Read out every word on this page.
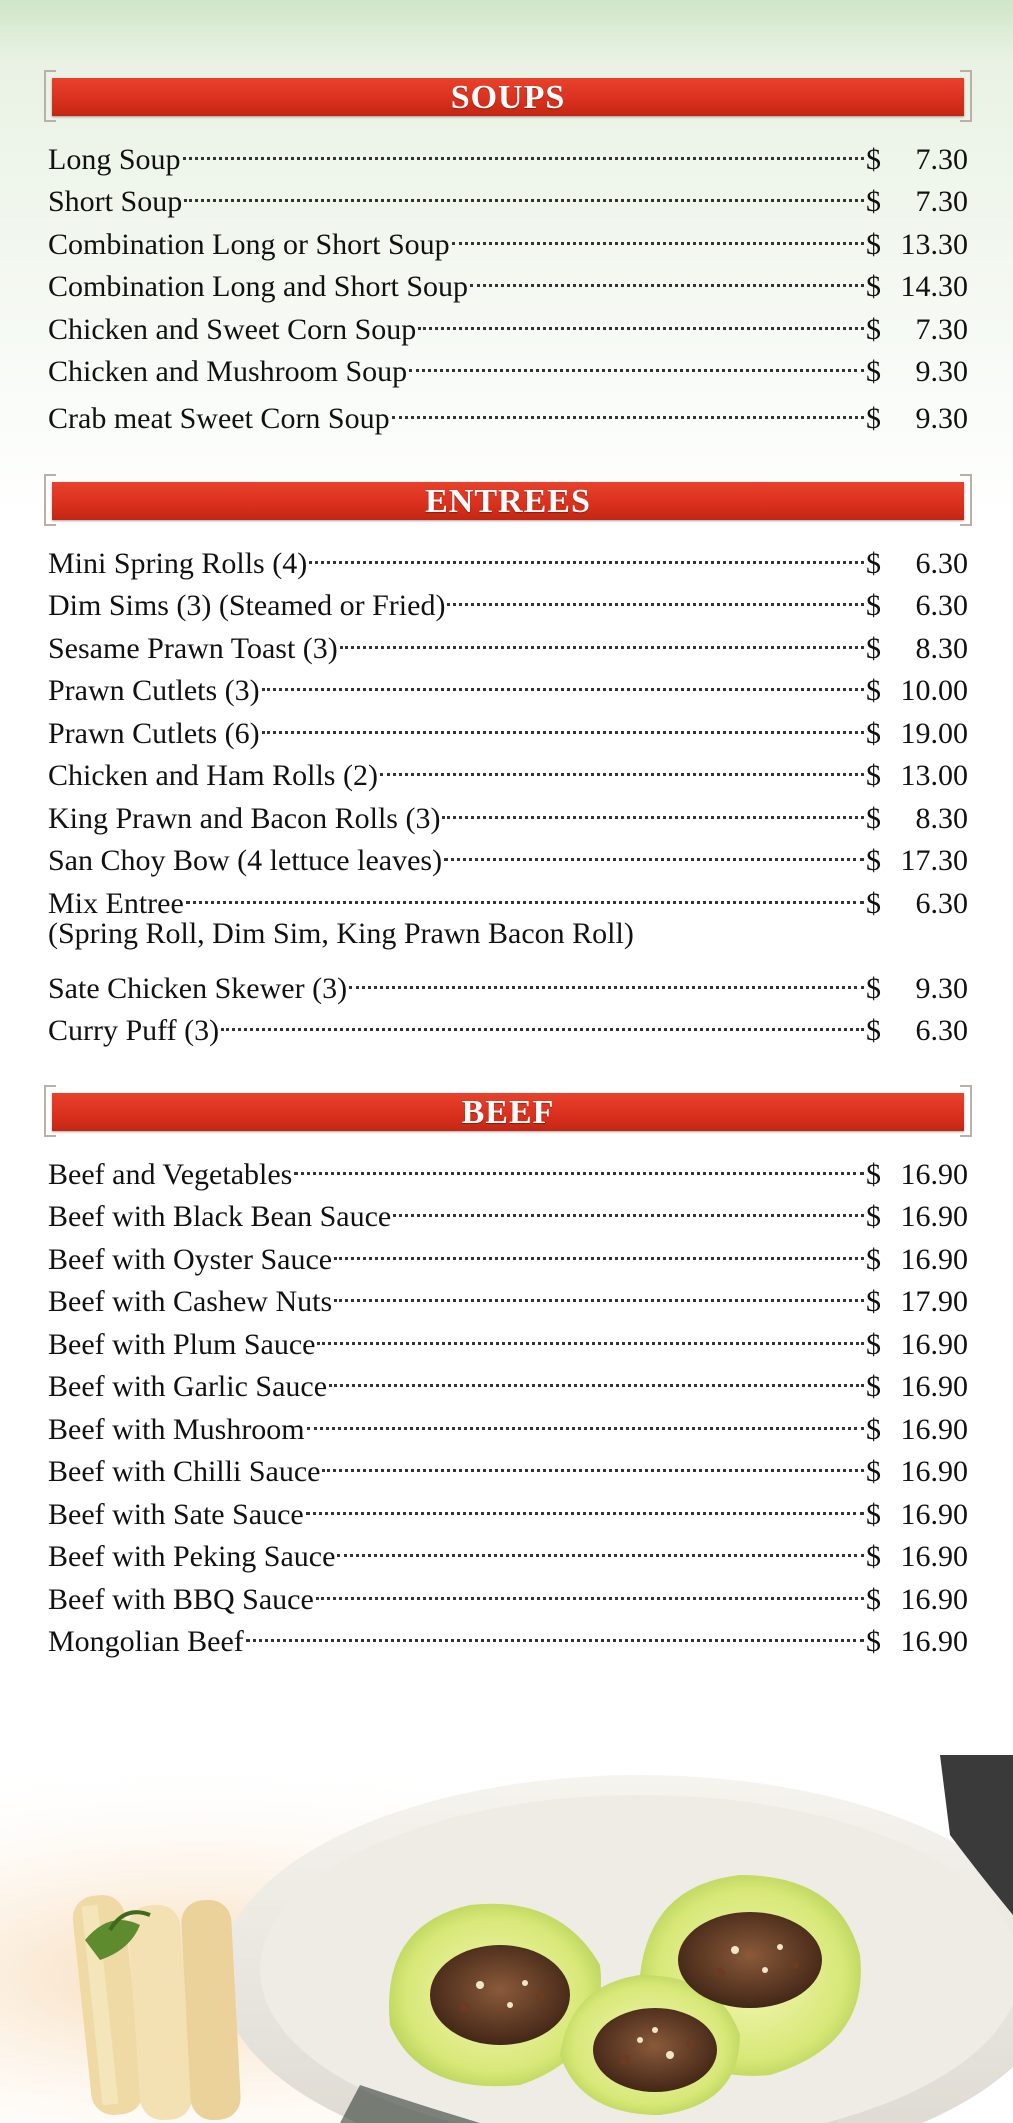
SOUPS
Long Soup	$	7.30
Short Soup	$	7.30
Combination Long or Short Soup	$ 13.30
Combination Long and Short Soup	$ 14.30
Chicken and Sweet Corn Soup	$	7.30
Chicken and Mushroom Soup	$	9.30
Crab meat Sweet Corn Soup	$	9.30
ENTREES
Mini Spring Rolls (4)	$	6.30
Dim Sims (3) (Steamed or Fried)	$	6.30
Sesame Prawn Toast (3)	$	8.30
Prawn Cutlets (3)	$ 10.00
Prawn Cutlets (6)	$ 19.00
Chicken and Ham Rolls (2)	$ 13.00
King Prawn and Bacon Rolls (3)	$	8.30
San Choy Bow (4 lettuce leaves)	$ 17.30
Mix Entree	$	6.30
(Spring Roll, Dim Sim, King Prawn Bacon Roll)
Sate Chicken Skewer (3)	$	9.30
Curry Puff (3)	$	6.30
BEEF
Beef and Vegetables	$ 16.90
Beef with Black Bean Sauce	$ 16.90
Beef with Oyster Sauce	$ 16.90
Beef with Cashew Nuts	$ 17.90
Beef with Plum Sauce	$ 16.90
Beef with Garlic Sauce	$ 16.90
Beef with Mushroom	$ 16.90
Beef with Chilli Sauce	$ 16.90
Beef with Sate Sauce	$ 16.90
Beef with Peking Sauce	$ 16.90
Beef with BBQ Sauce	$ 16.90
Mongolian Beef	$ 16.90
